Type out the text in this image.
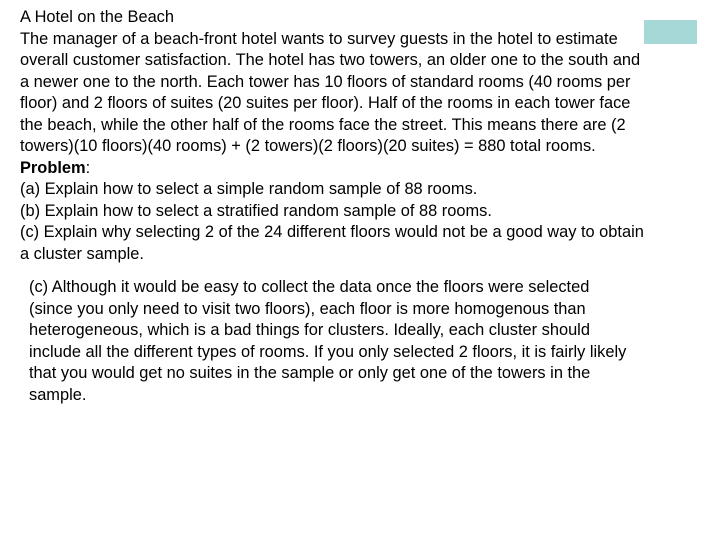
A Hotel on the Beach
The manager of a beach-front hotel wants to survey guests in the hotel to estimate
overall customer satisfaction. The hotel has two towers, an older one to the south and
a newer one to the north. Each tower has 10 floors of standard rooms (40 rooms per
floor) and 2 floors of suites (20 suites per floor). Half of the rooms in each tower face
the beach, while the other half of the rooms face the street. This means there are (2
towers)(10 floors)(40 rooms) + (2 towers)(2 floors)(20 suites) = 880 total rooms.
Problem:
(a) Explain how to select a simple random sample of 88 rooms.
(b) Explain how to select a stratified random sample of 88 rooms.
(c) Explain why selecting 2 of the 24 different floors would not be a good way to obtain
a cluster sample.
(c) Although it would be easy to collect the data once the floors were selected
(since you only need to visit two floors), each floor is more homogenous than
heterogeneous, which is a bad things for clusters. Ideally, each cluster should
include all the different types of rooms. If you only selected 2 floors, it is fairly likely
that you would get no suites in the sample or only get one of the towers in the
sample.
